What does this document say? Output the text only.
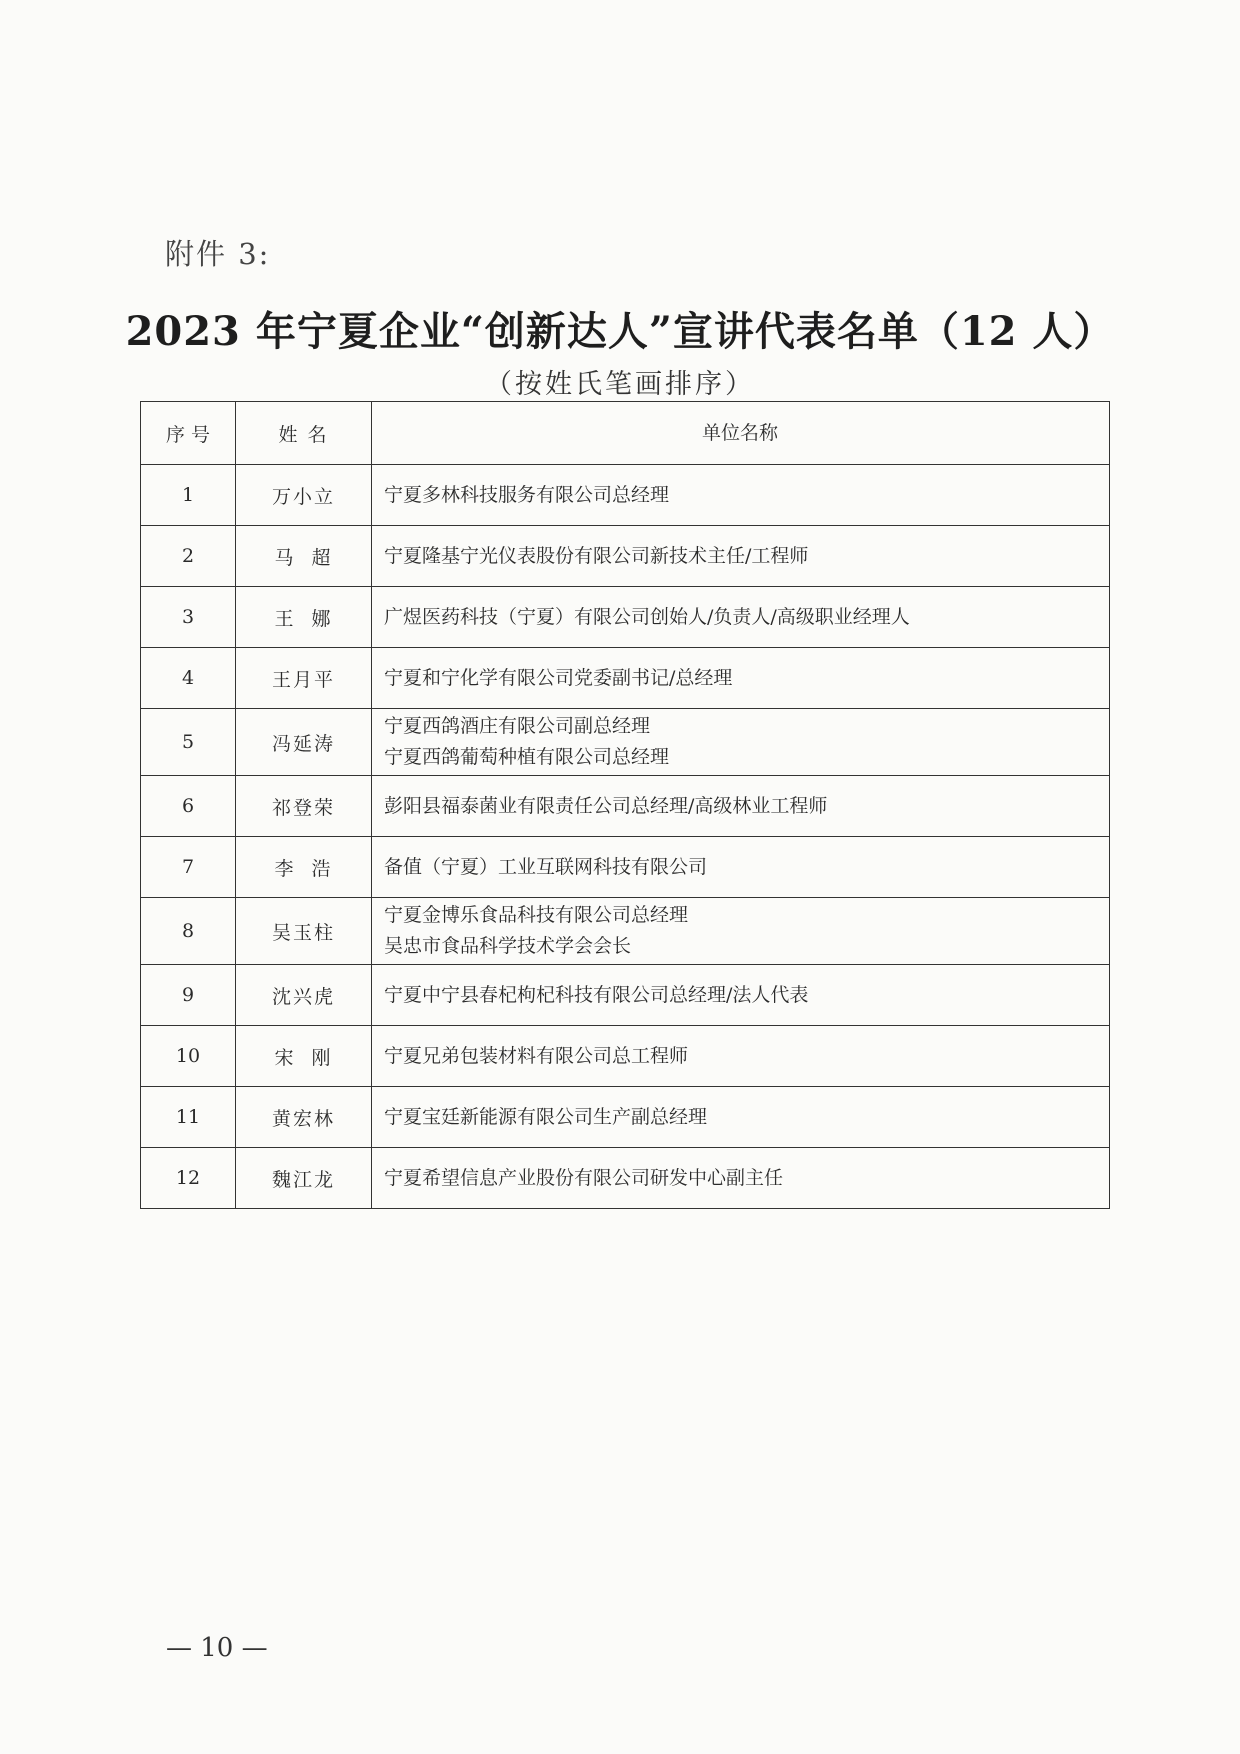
附件 3:
2023 年宁夏企业“创新达人”宣讲代表名单（12 人）
（按姓氏笔画排序）
序 号	姓 名	单位名称
1	万小立	宁夏多林科技服务有限公司总经理

2	马  超	宁夏隆基宁光仪表股份有限公司新技术主任/工程师

3	王  娜	广煜医药科技（宁夏）有限公司创始人/负责人/高级职业经理人

4	王月平	宁夏和宁化学有限公司党委副书记/总经理

5	冯延涛	宁夏西鸽酒庄有限公司副总经理
宁夏西鸽葡萄种植有限公司总经理

6	祁登荣	彭阳县福泰菌业有限责任公司总经理/高级林业工程师

7	李  浩	备值（宁夏）工业互联网科技有限公司

8	吴玉柱	宁夏金博乐食品科技有限公司总经理
吴忠市食品科学技术学会会长

9	沈兴虎	宁夏中宁县春杞枸杞科技有限公司总经理/法人代表

10	宋  刚	宁夏兄弟包装材料有限公司总工程师

11	黄宏林	宁夏宝廷新能源有限公司生产副总经理

12	魏江龙	宁夏希望信息产业股份有限公司研发中心副主任
— 10 —
